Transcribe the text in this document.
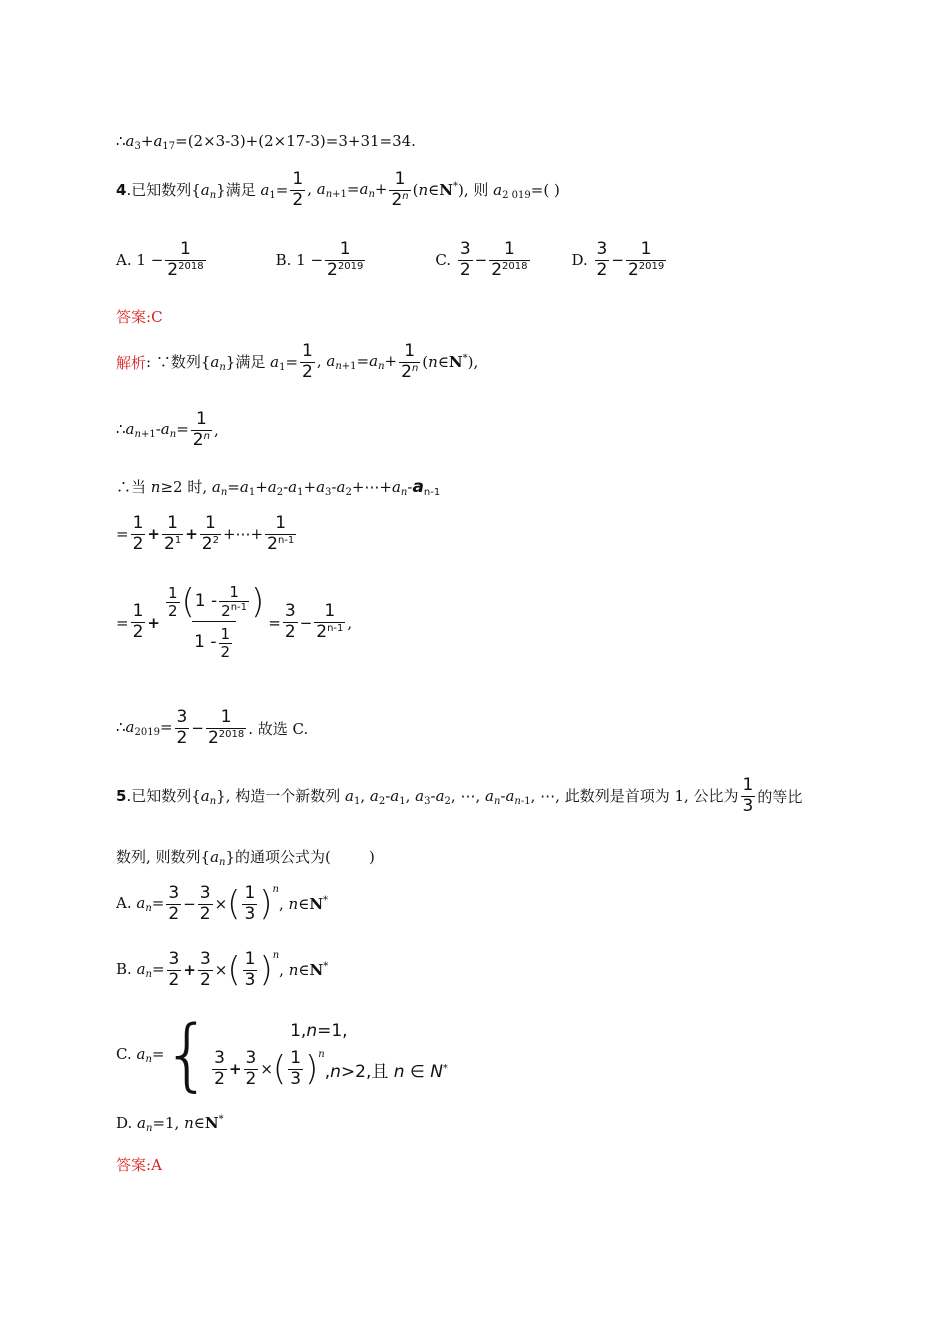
$\therefore a_3+a_{17}=(2\times 3-3)+(2\times 17-3)=3+31=34$.
4 .已知数列$\{a_n\}$满足 $a_1= \frac{1}{2}$ , $a_{n+1}=a_n+ \frac{1}{2^n}$ (n∈N*), 则 $a_{2 019}=$( )
A.
$1 - \frac{1}{2^{2018}}$	B.
$1 - \frac{1}{2^{2019}}$	C.
$\frac{3}{2} - \frac{1}{2^{2018}}$	D.
$\frac{3}{2} - \frac{1}{2^{2019}}$
答案 :C
解析 : ∵数列$\{a_n\}$满足 $a_1= \frac{1}{2}$ , $a_{n+1}=a_n+ \frac{1}{2^n}$ (n∈N*),
$\therefore a_{n+1}-a_n= \frac{1}{2^n}$ ,
∴当 n≥2 时, $a_n=a_1+a_2-a_1+a_3-a_2+\cdots+a_n-a_{n-1}$
= $\frac{1}{2} + \frac{1}{2^1} + \frac{1}{2^2}$ +⋯+ $\frac{1}{2^{n-1}}$
= $\frac{1}{2} + \frac{\frac{1}{2} ( 1 - \frac{1}{2^{n-1}} )}{1 - \frac{1}{2}} = \frac{3}{2} - \frac{1}{2^{n-1}}$ ,
$\therefore a_{2019}= \frac{3}{2} - \frac{1}{2^{2018}}$ . 故选 C.
5 .已知数列$\{a_n\}$, 构造一个新数列 $a_1$, $a_2-a_1$, $a_3-a_2$, ⋯, $a_n-a_{n-1}$, ⋯, 此数列是首项为 1, 公比为 $\frac{1}{3}$ 的等比
数列, 则数列$\{a_n\}$的通项公式为(        )
A. $a_n= \frac{3}{2} - \frac{3}{2}$ × ( $\frac{1}{3}$ ) n
, n∈N*
B. $a_n= \frac{3}{2} + \frac{3}{2}$ × ( $\frac{1}{3}$ ) n
, n∈N*
C. $a_n=$
{	1,n=1,
$\frac{3}{2} + \frac{3}{2}$ × ( $\frac{1}{3}$ ) n
,n>2,且 n ∈ N*
D. $a_n=1$, n∈N*
答案 :A
